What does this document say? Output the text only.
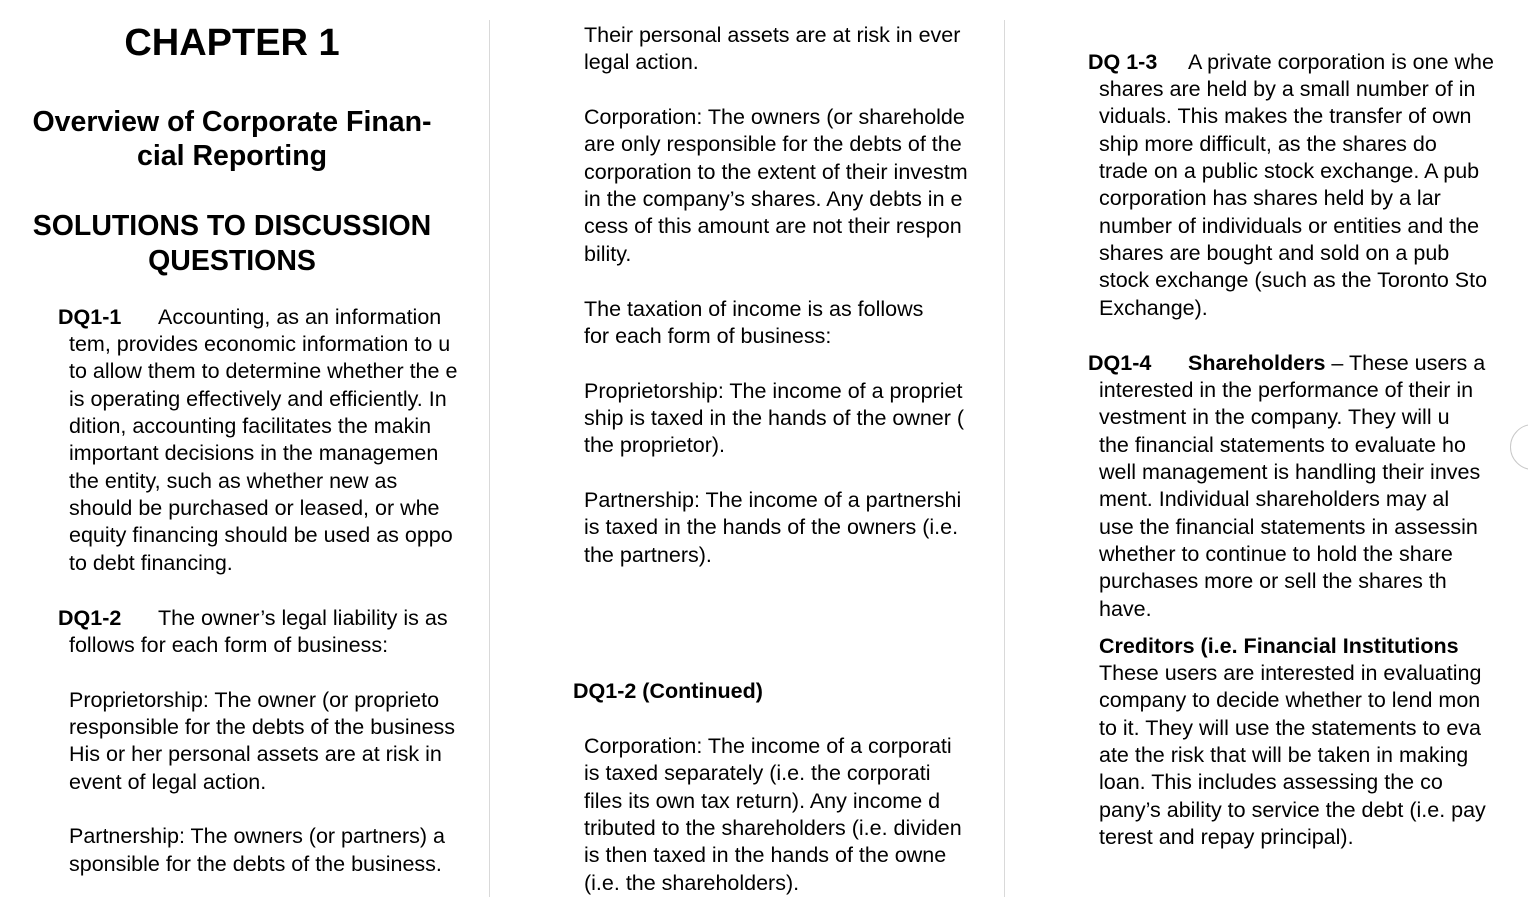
CHAPTER 1
Overview of Corporate Finan-
cial Reporting
SOLUTIONS TO DISCUSSION
QUESTIONS
DQ1-1 Accounting, as an information
tem, provides economic information to u
to allow them to determine whether the e
is operating effectively and efficiently. In
dition, accounting facilitates the makin
important decisions in the managemen
the entity, such as whether new as
should be purchased or leased, or whe
equity financing should be used as oppo
to debt financing.
DQ1-2 The owner’s legal liability is as
follows for each form of business:
Proprietorship: The owner (or proprieto
responsible for the debts of the business
His or her personal assets are at risk in
event of legal action.
Partnership: The owners (or partners) a
sponsible for the debts of the business.
Their personal assets are at risk in ever
legal action.
Corporation: The owners (or shareholde
are only responsible for the debts of the
corporation to the extent of their investm
in the company’s shares. Any debts in e
cess of this amount are not their respon
bility.
The taxation of income is as follows
for each form of business:
Proprietorship: The income of a propriet
ship is taxed in the hands of the owner (
the proprietor).
Partnership: The income of a partnershi
is taxed in the hands of the owners (i.e.
the partners).
DQ1-2 (Continued)
Corporation: The income of a corporati
is taxed separately (i.e. the corporati
files its own tax return). Any income d
tributed to the shareholders (i.e. dividen
is then taxed in the hands of the owne
(i.e. the shareholders).
DQ 1-3 A private corporation is one whe
shares are held by a small number of in
viduals. This makes the transfer of own
ship more difficult, as the shares do
trade on a public stock exchange. A pub
corporation has shares held by a lar
number of individuals or entities and the
shares are bought and sold on a pub
stock exchange (such as the Toronto Sto
Exchange).
DQ1-4 Shareholders – These users a
interested in the performance of their in
vestment in the company. They will u
the financial statements to evaluate ho
well management is handling their inves
ment. Individual shareholders may al
use the financial statements in assessin
whether to continue to hold the share
purchases more or sell the shares th
have.
Creditors (i.e. Financial Institutions
These users are interested in evaluating
company to decide whether to lend mon
to it. They will use the statements to eva
ate the risk that will be taken in making
loan. This includes assessing the co
pany’s ability to service the debt (i.e. pay
terest and repay principal).
